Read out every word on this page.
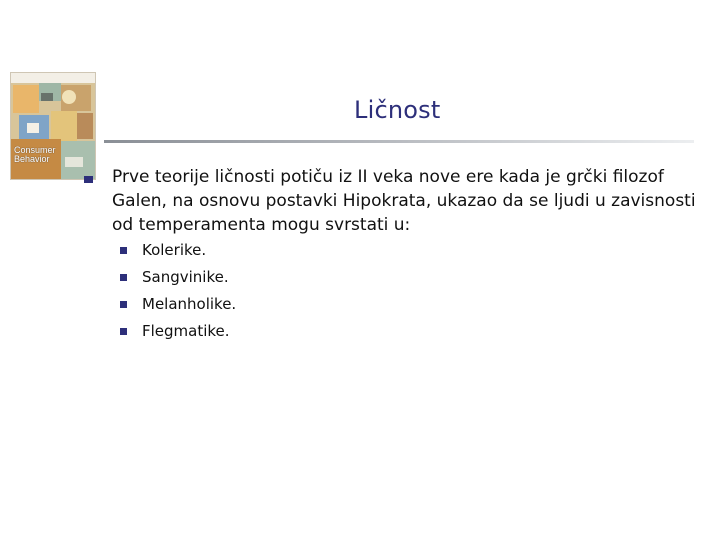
Consumer
Behavior
Ličnost
Prve teorije ličnosti potiču iz II veka nove ere kada je grčki filozof Galen, na osnovu postavki Hipokrata, ukazao da se ljudi u zavisnosti od temperamenta mogu svrstati u:
Kolerike.
Sangvinike.
Melanholike.
Flegmatike.
